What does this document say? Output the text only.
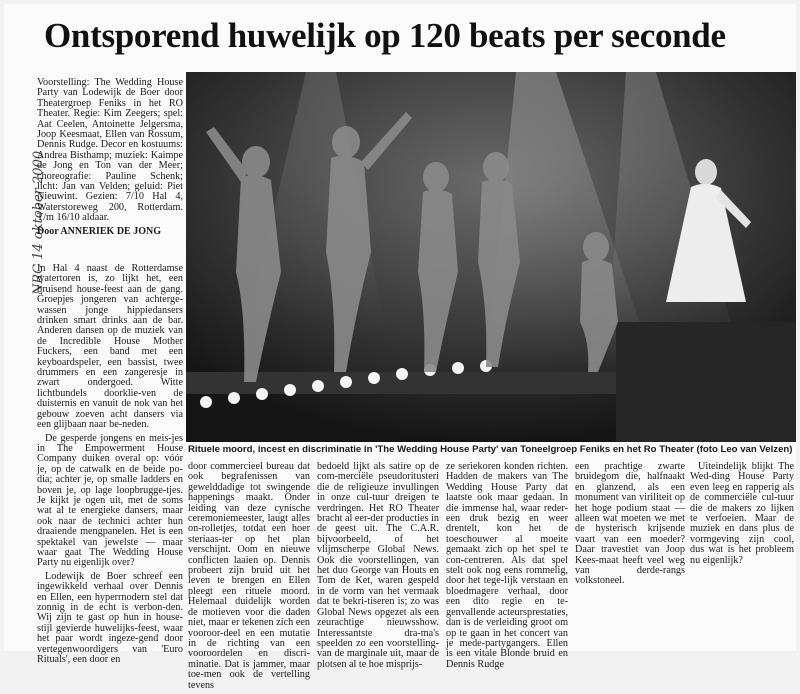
Ontsporend huwelijk op 120 beats per seconde
NRC 14 oktober 2000

Voorstelling: The Wedding House Party van Lodewijk de Boer door Theatergroep Feniks in het RO Theater. Regie: Kim Zeegers; spel: Aat Ceelen, Antoinette Jelgersma, Joop Keesmaat, Ellen van Rossum, Dennis Rudge. Decor en kostuums: Andrea Bisthamp; muziek: Kaimpe de Jong en Ton van der Meer; choreografie: Pauline Schenk; licht: Jan van Velden; geluid: Piet Nieuwint. Gezien: 7/10 Hal 4, Waterstoreweg 200, Rotterdam. T/m 16/10 aldaar.

Door ANNERIEK DE JONG

In Hal 4 naast de Rotterdamse watertoren is, zo lijkt het, een bruisend house-feest aan de gang. Groepjes jongeren van achterge-wassen jonge hippiedansers drinken smart drinks aan de bar. Anderen dansen op de muziek van de Incredible House Mother Fuckers, een band met een keyboardspeler, een bassist, twee drummers en een zangeresje in zwart ondergoed. Witte lichtbundels doorklie-ven de duisternis en vanuit de nok van het gebouw zoeven acht dansers via een glijbaan naar be-neden.

De gesperde jongens en meis-jes in The Empowerment House Company duiken overal op: vóór je, op de catwalk en de beide po-dia; achter je, op smalle ladders en boven je, op lage loopbrugge-tjes. Je kijkt je ogen uit, met de soms wat al te energieke dansers, maar ook naar de technici achter hun draaiende mengpanelen. Het is een spektakel van jewelste — maar waar gaat The Wedding House Party nu eigenlijk over?

Lodewijk de Boer schreef een ingewikkeld verhaal over Dennis en Ellen, een hyperrnodern stel dat zonnig in de echt is verbon-den. Wij zijn te gast op hun in house-stijl gevierde huwelijks-feest, waar het paar wordt ingeze-gend door vertegenwoordigers van 'Euro Rituals', een door en

Rituele moord, incest en discriminatie in 'The Wedding House Party' van Toneelgroep Feniks en het Ro Theater (foto Leo van Velzen)

door commercieel bureau dat ook begrafenissen van gewelddadige tot swingende happenings maakt. Onder leiding van deze cynische ceremoniemeester, laugt alles on-rolletjes, totdat een hoer steriaas-ter op het plan verschijnt. Oom en nieuwe conflicten laaien op. Dennis probeert zijn bruid uit het leven te brengen en Ellen pleegt een rituele moord. Helemaal duidelijk worden de motieven voor die daden niet, maar er tekenen zich een vooroor-deel en een mutatie in de richting van een vooroordelen en discri-minatie. Dat is jammer, maar toe-men ook de vertelling tevens

bedoeld lijkt als satire op de com-merciële pseudoritusteri die de religieuze invullingen in onze cul-tuur dreigen te verdringen. Het RO Theater bracht al eer-der producties in de geest uit. The C.A.R. bijvoorbeeld, of het vlijmscherpe Global News. Ook die voorstellingen, van het duo George van Houts en Tom de Ket, waren gespeld in de vorm van het vermaak dat te bekri-tiseren is; zo was Global News opgezet als een zeurachtige nieuwsshow. Interessantste dra-ma's speelden zo een voorstelling-van de marginale uit, maar de plotsen al te hoe misprijs-

ze seriekoren konden richten. Hadden de makers van The Wedding House Party dat laatste ook maar gedaan. In die immense hal, waar reder-een druk bezig en weer drentelt, kon het de toeschouwer al moeite gemaakt zich op het spel te con-centreren. Als dat spel stelt ook nog eens rommelig, door het tege-lijk verstaan en bloedmagere verhaal, door een dito regie en te-genvallende acteursprestaties, dan is de verleiding groot om op te gaan in het concert van je mede-partygangers. Ellen is een vitale Blonde bruid en Dennis Rudge

een prachtige zwarte bruidegom die, halfnaakt en glanzend, als een monument van viriliteit op het hoge podium staat — alleen wat moeten we met de hysterisch krijsende vaart van een moeder? Daar travestiet van Joop Kees-maat heeft veel weg van derde-rangs volkstoneel.

Uiteindelijk blijkt The Wed-ding House Party even leeg en rapperig als de commerciële cul-tuur die de makers zo lijken te verfoeien. Maar de muziek en dans plus de vormgeving zijn cool, dus wat is het probleem nu eigenlijk?
